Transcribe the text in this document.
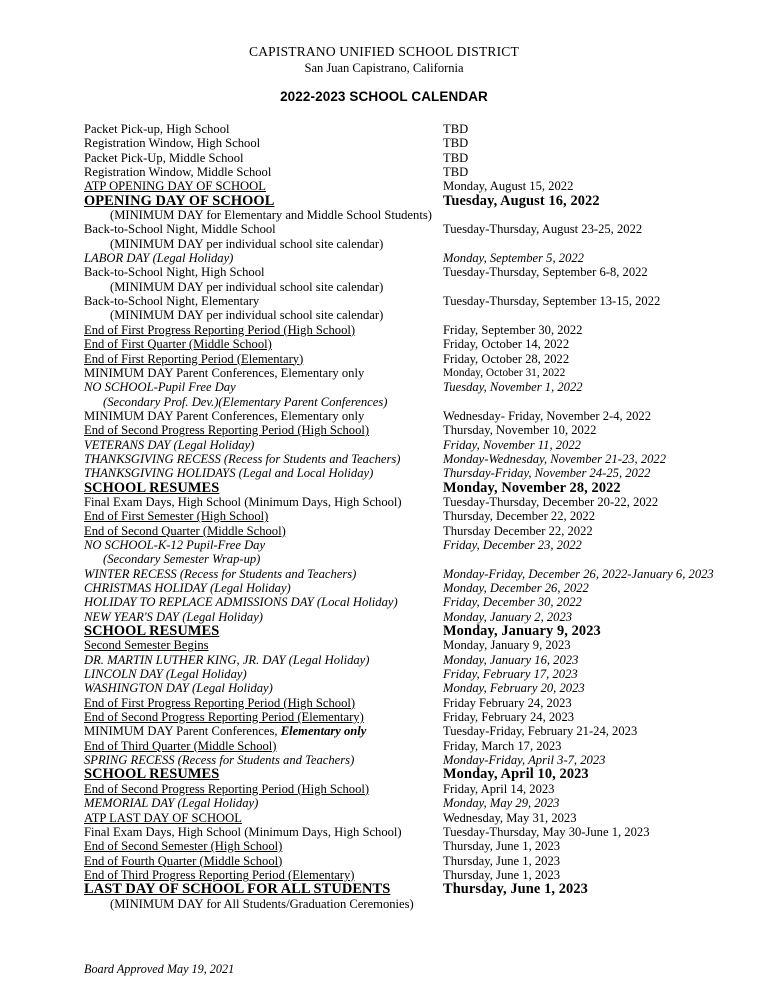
CAPISTRANO UNIFIED SCHOOL DISTRICT
San Juan Capistrano, California
2022-2023 SCHOOL CALENDAR
Packet Pick-up, High School	TBD
Registration Window, High School	TBD
Packet Pick-Up, Middle School	TBD
Registration Window, Middle School	TBD
ATP OPENING DAY OF SCHOOL	Monday, August 15, 2022
OPENING DAY OF SCHOOL	Tuesday, August 16, 2022
(MINIMUM DAY for Elementary and Middle School Students)
Back-to-School Night, Middle School	Tuesday-Thursday, August 23-25, 2022
(MINIMUM DAY per individual school site calendar)
LABOR DAY (Legal Holiday)	Monday, September 5, 2022
Back-to-School Night, High School	Tuesday-Thursday, September 6-8, 2022
(MINIMUM DAY per individual school site calendar)
Back-to-School Night, Elementary	Tuesday-Thursday, September 13-15, 2022
(MINIMUM DAY per individual school site calendar)
End of First Progress Reporting Period (High School)	Friday, September 30, 2022
End of First Quarter (Middle School)	Friday, October 14, 2022
End of First Reporting Period (Elementary)	Friday, October 28, 2022
MINIMUM DAY Parent Conferences, Elementary only	Monday, October 31, 2022
NO SCHOOL-Pupil Free Day	Tuesday, November 1, 2022
(Secondary Prof. Dev.)(Elementary Parent Conferences)
MINIMUM DAY Parent Conferences, Elementary only	Wednesday- Friday, November 2-4, 2022
End of Second Progress Reporting Period (High School)	Thursday, November 10, 2022
VETERANS DAY (Legal Holiday)	Friday, November 11, 2022
THANKSGIVING RECESS (Recess for Students and Teachers)	Monday-Wednesday, November 21-23, 2022
THANKSGIVING HOLIDAYS (Legal and Local Holiday)	Thursday-Friday, November 24-25, 2022
SCHOOL RESUMES	Monday, November 28, 2022
Final Exam Days, High School (Minimum Days, High School)	Tuesday-Thursday, December 20-22, 2022
End of First Semester (High School)	Thursday, December 22, 2022
End of Second Quarter (Middle School)	Thursday December 22, 2022
NO SCHOOL-K-12 Pupil-Free Day	Friday, December 23, 2022
(Secondary Semester Wrap-up)
WINTER RECESS (Recess for Students and Teachers)	Monday-Friday, December 26, 2022-January 6, 2023
CHRISTMAS HOLIDAY (Legal Holiday)	Monday, December 26, 2022
HOLIDAY TO REPLACE ADMISSIONS DAY (Local Holiday)	Friday, December 30, 2022
NEW YEAR'S DAY (Legal Holiday)	Monday, January 2, 2023
SCHOOL RESUMES	Monday, January 9, 2023
Second Semester Begins	Monday, January 9, 2023
DR. MARTIN LUTHER KING, JR. DAY (Legal Holiday)	Monday, January 16, 2023
LINCOLN DAY (Legal Holiday)	Friday, February 17, 2023
WASHINGTON DAY (Legal Holiday)	Monday, February 20, 2023
End of First Progress Reporting Period (High School)	Friday February 24, 2023
End of Second Progress Reporting Period (Elementary)	Friday, February 24, 2023
MINIMUM DAY Parent Conferences, Elementary only	Tuesday-Friday, February 21-24, 2023
End of Third Quarter (Middle School)	Friday, March 17, 2023
SPRING RECESS (Recess for Students and Teachers)	Monday-Friday, April 3-7, 2023
SCHOOL RESUMES	Monday, April 10, 2023
End of Second Progress Reporting Period (High School)	Friday, April 14, 2023
MEMORIAL DAY (Legal Holiday)	Monday, May 29, 2023
ATP LAST DAY OF SCHOOL	Wednesday, May 31, 2023
Final Exam Days, High School (Minimum Days, High School)	Tuesday-Thursday, May 30-June 1, 2023
End of Second Semester (High School)	Thursday, June 1, 2023
End of Fourth Quarter (Middle School)	Thursday, June 1, 2023
End of Third Progress Reporting Period (Elementary)	Thursday, June 1, 2023
LAST DAY OF SCHOOL FOR ALL STUDENTS	Thursday, June 1, 2023
(MINIMUM DAY for All Students/Graduation Ceremonies)
Board Approved May 19, 2021
